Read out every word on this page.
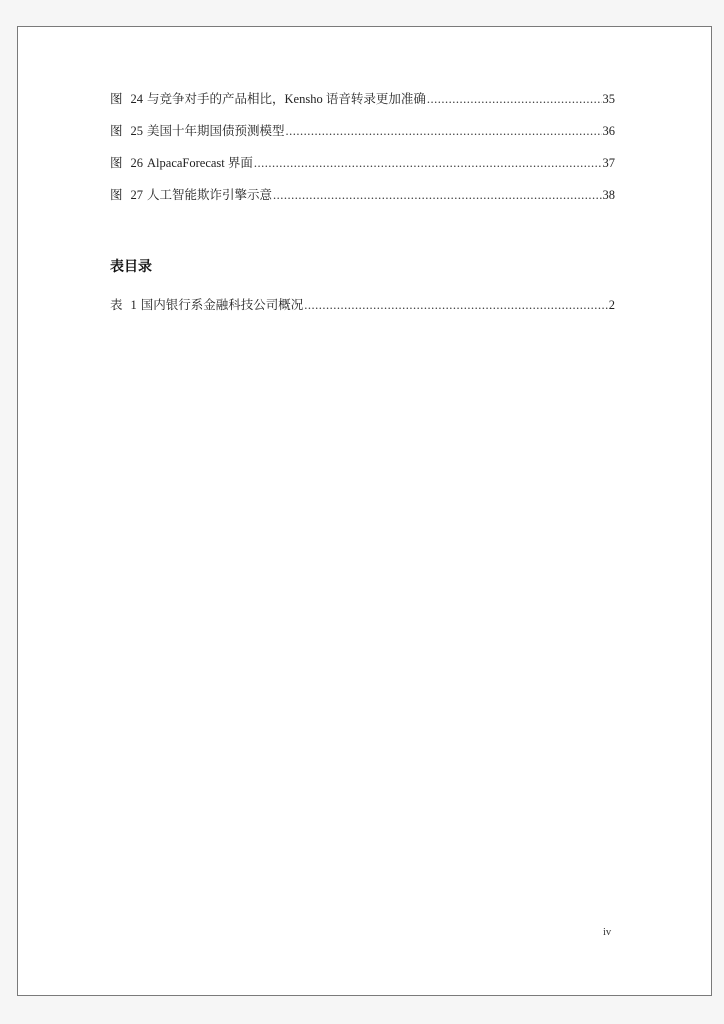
图 24 与竞争对手的产品相比，Kensho 语音转录更加准确 .....	35
图 25 美国十年期国债预测模型 .....	36
图 26 AlpacaForecast 界面 .....	37
图 27 人工智能欺诈引擎示意 .....	38
表目录
表 1 国内银行系金融科技公司概况 .....	2
iv
